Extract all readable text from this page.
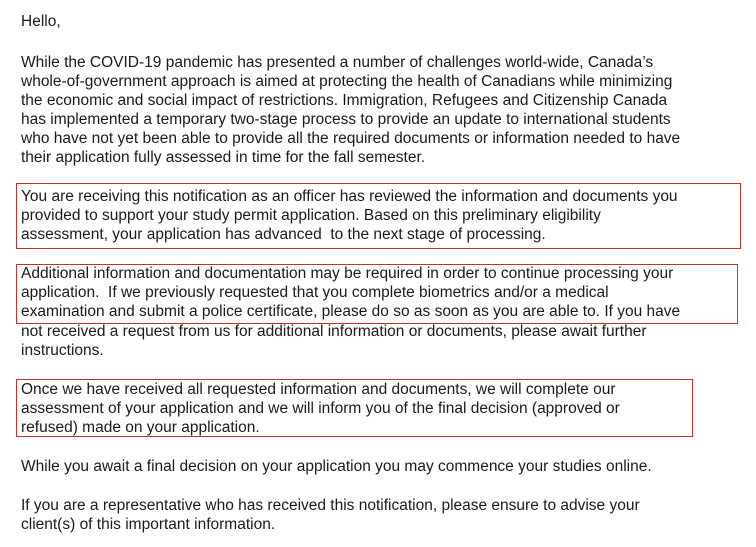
Hello,
While the COVID-19 pandemic has presented a number of challenges world-wide, Canada’s
whole-of-government approach is aimed at protecting the health of Canadians while minimizing
the economic and social impact of restrictions. Immigration, Refugees and Citizenship Canada
has implemented a temporary two-stage process to provide an update to international students
who have not yet been able to provide all the required documents or information needed to have
their application fully assessed in time for the fall semester.
You are receiving this notification as an officer has reviewed the information and documents you
provided to support your study permit application. Based on this preliminary eligibility
assessment, your application has advanced  to the next stage of processing.
Additional information and documentation may be required in order to continue processing your
application.  If we previously requested that you complete biometrics and/or a medical
examination and submit a police certificate, please do so as soon as you are able to. If you have
not received a request from us for additional information or documents, please await further
instructions.
Once we have received all requested information and documents, we will complete our
assessment of your application and we will inform you of the final decision (approved or
refused) made on your application.
While you await a final decision on your application you may commence your studies online.
If you are a representative who has received this notification, please ensure to advise your
client(s) of this important information.
